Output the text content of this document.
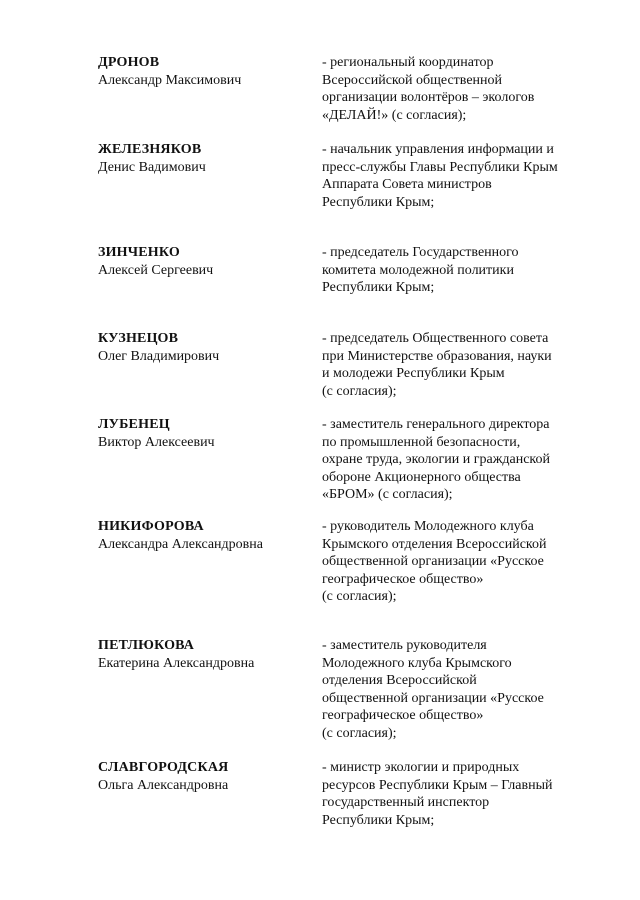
ДРОНОВ
Александр Максимович
- региональный координатор
Всероссийской общественной
организации волонтёров – экологов
«ДЕЛАЙ!» (с согласия);
ЖЕЛЕЗНЯКОВ
Денис Вадимович
- начальник управления информации и
пресс-службы Главы Республики Крым
Аппарата Совета министров
Республики Крым;
ЗИНЧЕНКО
Алексей Сергеевич
- председатель Государственного
комитета молодежной политики
Республики Крым;
КУЗНЕЦОВ
Олег Владимирович
- председатель Общественного совета
при Министерстве образования, науки
и молодежи Республики Крым
(с согласия);
ЛУБЕНЕЦ
Виктор Алексеевич
- заместитель генерального директора
по промышленной безопасности,
охране труда, экологии и гражданской
обороне Акционерного общества
«БРОМ» (с согласия);
НИКИФОРОВА
Александра Александровна
- руководитель Молодежного клуба
Крымского отделения Всероссийской
общественной организации «Русское
географическое общество»
(с согласия);
ПЕТЛЮКОВА
Екатерина Александровна
- заместитель руководителя
Молодежного клуба Крымского
отделения Всероссийской
общественной организации «Русское
географическое общество»
(с согласия);
СЛАВГОРОДСКАЯ
Ольга Александровна
- министр экологии и природных
ресурсов Республики Крым – Главный
государственный инспектор
Республики Крым;
